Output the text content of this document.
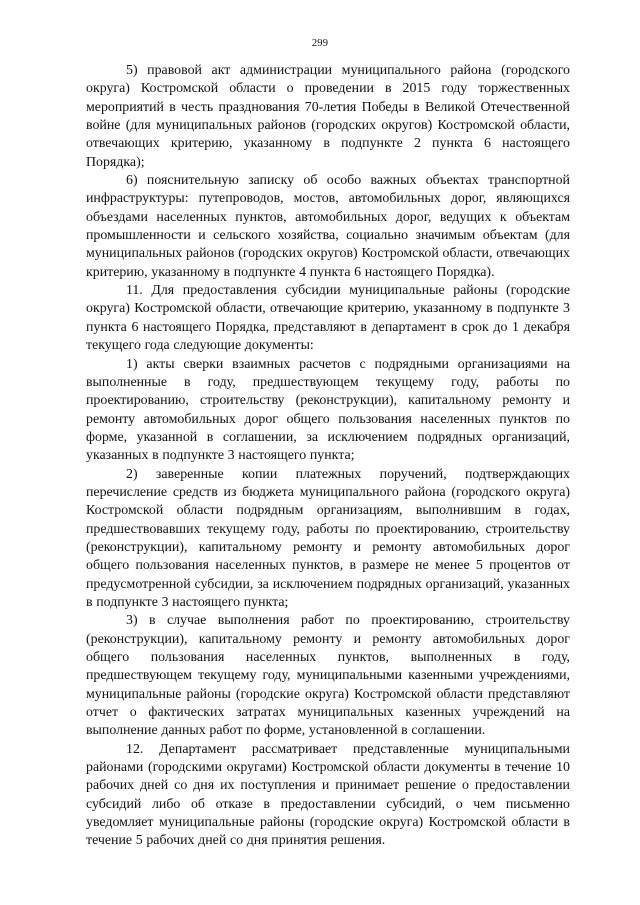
299

5) правовой акт администрации муниципального района (городского округа) Костромской области о проведении в 2015 году торжественных мероприятий в честь празднования 70-летия Победы в Великой Отечественной войне (для муниципальных районов (городских округов) Костромской области, отвечающих критерию, указанному в подпункте 2 пункта 6 настоящего Порядка);

6) пояснительную записку об особо важных объектах транспортной инфраструктуры: путепроводов, мостов, автомобильных дорог, являющихся объездами населенных пунктов, автомобильных дорог, ведущих к объектам промышленности и сельского хозяйства, социально значимым объектам (для муниципальных районов (городских округов) Костромской области, отвечающих критерию, указанному в подпункте 4 пункта 6 настоящего Порядка).

11. Для предоставления субсидии муниципальные районы (городские округа) Костромской области, отвечающие критерию, указанному в подпункте 3 пункта 6 настоящего Порядка, представляют в департамент в срок до 1 декабря текущего года следующие документы:

1) акты сверки взаимных расчетов с подрядными организациями на выполненные в году, предшествующем текущему году, работы по проектированию, строительству (реконструкции), капитальному ремонту и ремонту автомобильных дорог общего пользования населенных пунктов по форме, указанной в соглашении, за исключением подрядных организаций, указанных в подпункте 3 настоящего пункта;

2) заверенные копии платежных поручений, подтверждающих перечисление средств из бюджета муниципального района (городского округа) Костромской области подрядным организациям, выполнившим в годах, предшествовавших текущему году, работы по проектированию, строительству (реконструкции), капитальному ремонту и ремонту автомобильных дорог общего пользования населенных пунктов, в размере не менее 5 процентов от предусмотренной субсидии, за исключением подрядных организаций, указанных в подпункте 3 настоящего пункта;

3) в случае выполнения работ по проектированию, строительству (реконструкции), капитальному ремонту и ремонту автомобильных дорог общего пользования населенных пунктов, выполненных в году, предшествующем текущему году, муниципальными казенными учреждениями, муниципальные районы (городские округа) Костромской области представляют отчет о фактических затратах муниципальных казенных учреждений на выполнение данных работ по форме, установленной в соглашении.

12. Департамент рассматривает представленные муниципальными районами (городскими округами) Костромской области документы в течение 10 рабочих дней со дня их поступления и принимает решение о предоставлении субсидий либо об отказе в предоставлении субсидий, о чем письменно уведомляет муниципальные районы (городские округа) Костромской области в течение 5 рабочих дней со дня принятия решения.
